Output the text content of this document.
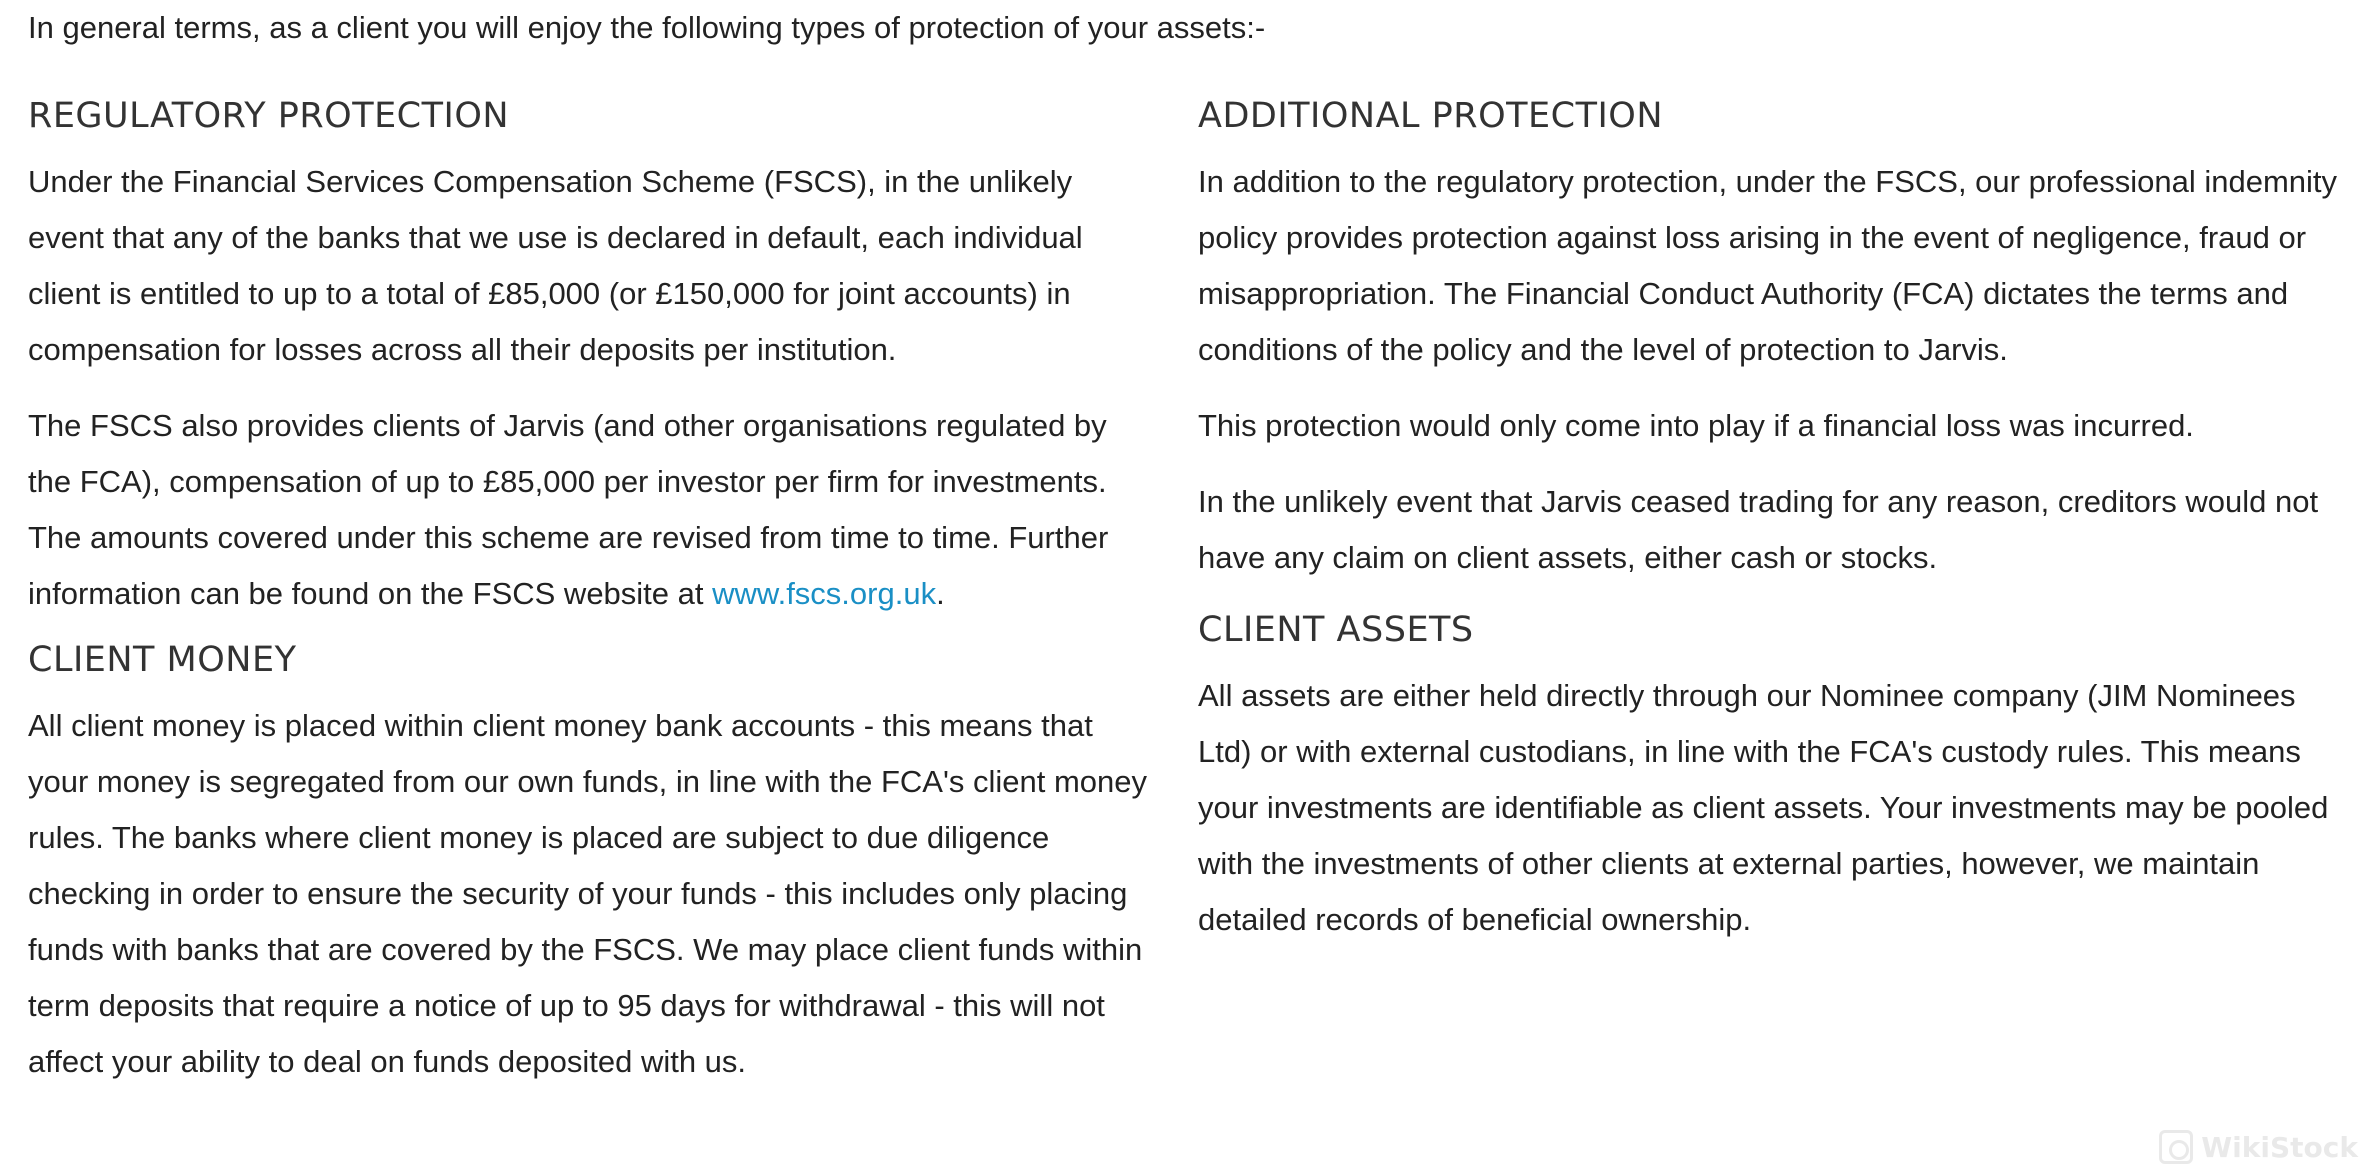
In general terms, as a client you will enjoy the following types of protection of your assets:-

REGULATORY PROTECTION

Under the Financial Services Compensation Scheme (FSCS), in the unlikely event that any of the banks that we use is declared in default, each individual client is entitled to up to a total of £85,000 (or £150,000 for joint accounts) in compensation for losses across all their deposits per institution.

The FSCS also provides clients of Jarvis (and other organisations regulated by the FCA), compensation of up to £85,000 per investor per firm for investments. The amounts covered under this scheme are revised from time to time. Further information can be found on the FSCS website at www.fscs.org.uk.

CLIENT MONEY

All client money is placed within client money bank accounts - this means that your money is segregated from our own funds, in line with the FCA's client money rules. The banks where client money is placed are subject to due diligence checking in order to ensure the security of your funds - this includes only placing funds with banks that are covered by the FSCS. We may place client funds within term deposits that require a notice of up to 95 days for withdrawal - this will not affect your ability to deal on funds deposited with us.

ADDITIONAL PROTECTION

In addition to the regulatory protection, under the FSCS, our professional indemnity policy provides protection against loss arising in the event of negligence, fraud or misappropriation. The Financial Conduct Authority (FCA) dictates the terms and conditions of the policy and the level of protection to Jarvis.

This protection would only come into play if a financial loss was incurred.

In the unlikely event that Jarvis ceased trading for any reason, creditors would not have any claim on client assets, either cash or stocks.

CLIENT ASSETS

All assets are either held directly through our Nominee company (JIM Nominees Ltd) or with external custodians, in line with the FCA's custody rules. This means your investments are identifiable as client assets. Your investments may be pooled with the investments of other clients at external parties, however, we maintain detailed records of beneficial ownership.

WikiStock
